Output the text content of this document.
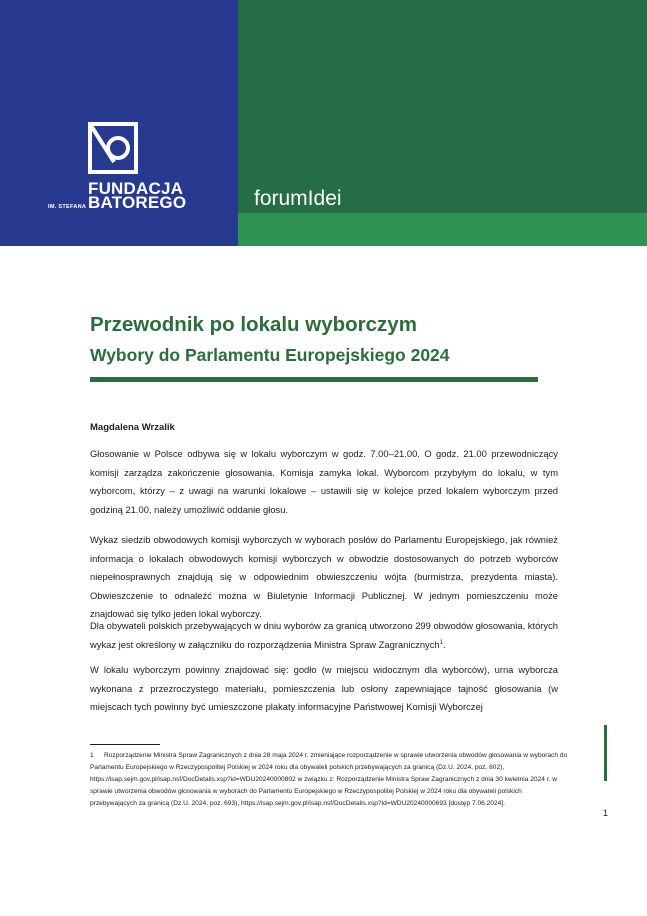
FUNDACJA
BATOREGO
IM. STEFANA	forumIdei
Przewodnik po lokalu wyborczym
Wybory do Parlamentu Europejskiego 2024
Magdalena Wrzalik
Głosowanie w Polsce odbywa się w lokalu wyborczym w godz. 7.00–21.00. O godz. 21.00 przewodniczący komisji zarządza zakończenie głosowania. Komisja zamyka lokal. Wyborcom przybyłym do lokalu, w tym wyborcom, którzy – z uwagi na warunki lokalowe – ustawili się w kolejce przed lokalem wyborczym przed godziną 21.00, należy umożliwić oddanie głosu.
Wykaz siedzib obwodowych komisji wyborczych w wyborach posłów do Parlamentu Europejskiego, jak również informacja o lokalach obwodowych komisji wyborczych w obwodzie dostosowanych do potrzeb wyborców niepełnosprawnych znajdują się w odpowiednim obwieszczeniu wójta (burmistrza, prezydenta miasta). Obwieszczenie to odnaleźć można w Biuletynie Informacji Publicznej. W jednym pomieszczeniu może znajdować się tylko jeden lokal wyborczy.
Dla obywateli polskich przebywających w dniu wyborów za granicą utworzono 299 obwodów głosowania, których wykaz jest określony w załączniku do rozporządzenia Ministra Spraw Zagranicznych$^1$.
W lokalu wyborczym powinny znajdować się: godło (w miejscu widocznym dla wyborców), urna wyborcza wykonana z przezroczystego materiału, pomieszczenia lub osłony zapewniające tajność głosowania (w miejscach tych powinny być umieszczone plakaty informacyjne Państwowej Komisji Wyborczej
1 Rozporządzenie Ministra Spraw Zagranicznych z dnia 28 maja 2024 r. zmieniające rozporządzenie w sprawie utworzenia obwodów głosowania w wyborach do Parlamentu Europejskiego w Rzeczypospolitej Polskiej w 2024 roku dla obywateli polskich przebywających za granicą (Dz.U. 2024, poz. 802), https://isap.sejm.gov.pl/isap.nsf/DocDetails.xsp?id=WDU20240000802 w związku z: Rozporządzenie Ministra Spraw Zagranicznych z dnia 30 kwietnia 2024 r. w sprawie utworzenia obwodów głosowania w wyborach do Parlamentu Europejskiego w Rzeczypospolitej Polskiej w 2024 roku dla obywateli polskich przebywających za granicą (Dz.U. 2024, poz. 693), https://isap.sejm.gov.pl/isap.nsf/DocDetails.xsp?id=WDU20240000693 [dostęp 7.06.2024].
1
